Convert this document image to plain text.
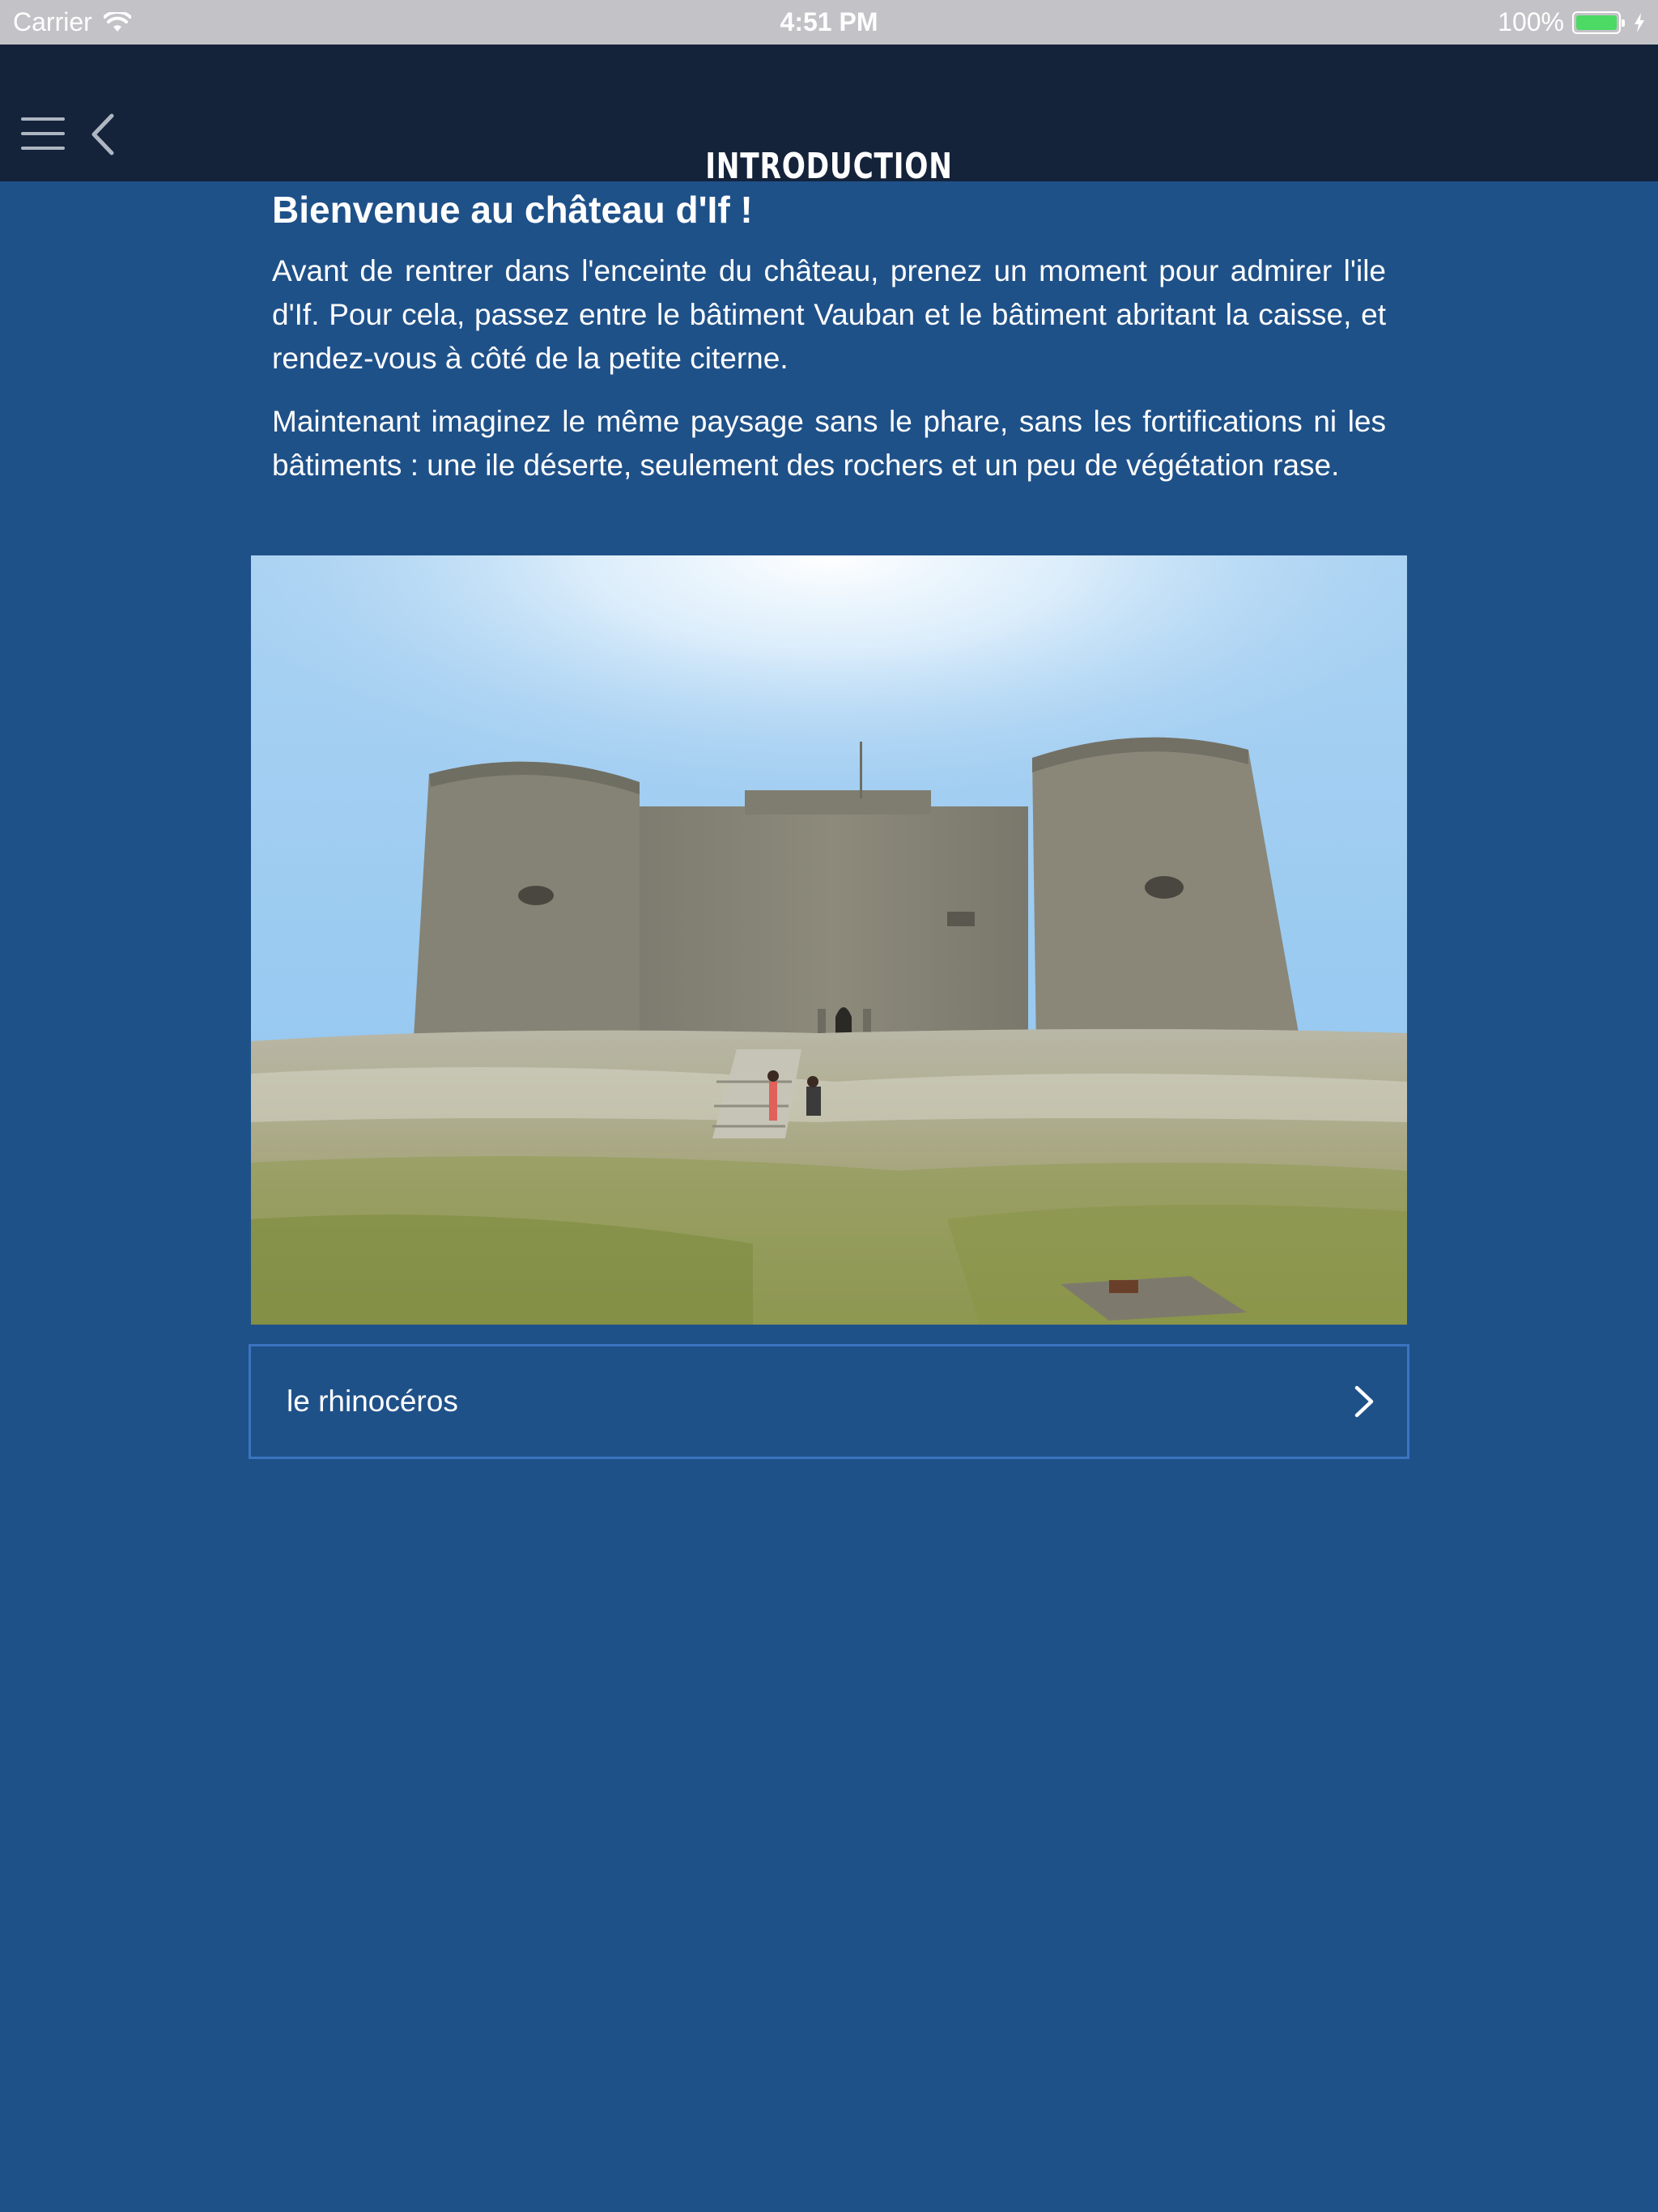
Carrier	4:51 PM	100%
INTRODUCTION
Bienvenue au château d'If !

Avant de rentrer dans l'enceinte du château, prenez un moment pour admirer l'ile d'If. Pour cela, passez entre le bâtiment Vauban et le bâtiment abritant la caisse, et rendez-vous à côté de la petite citerne.

Maintenant imaginez le même paysage sans le phare, sans les fortifications ni les bâtiments : une ile déserte, seulement des rochers et un peu de végétation rase.

le rhinocéros
